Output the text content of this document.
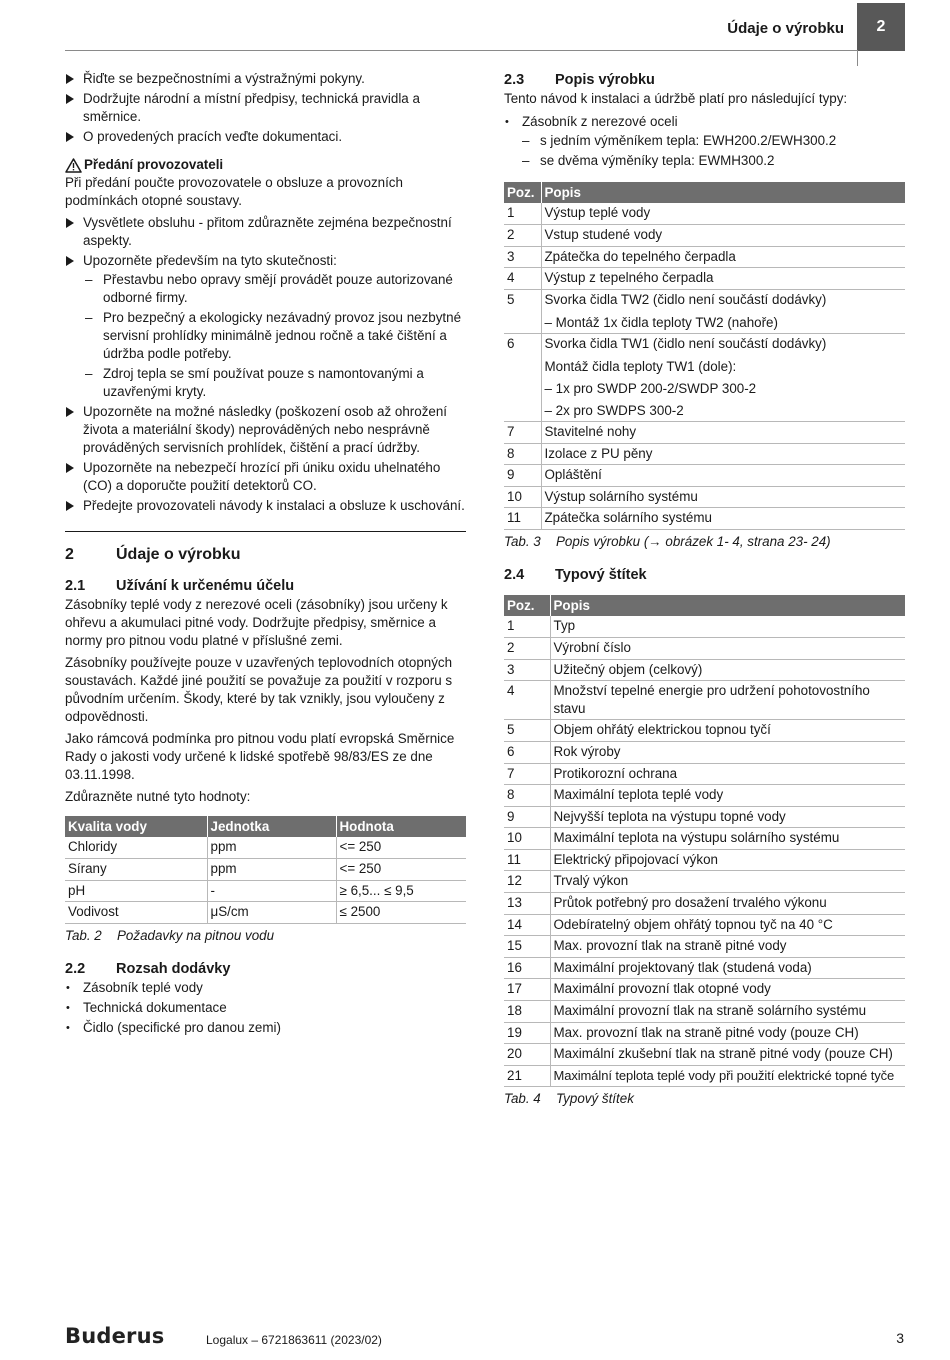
Údaje o výrobku	2
Řiďte se bezpečnostními a výstražnými pokyny.
Dodržujte národní a místní předpisy, technická pravidla a směrnice.
O provedených pracích veďte dokumentaci.
Předání provozovateli

Při předání poučte provozovatele o obsluze a provozních podmínkách otopné soustavy.

Vysvětlete obsluhu - přitom zdůrazněte zejména bezpečnostní aspekty.
Upozorněte především na tyto skutečnosti:
– Přestavbu nebo opravy smějí provádět pouze autorizované odborné firmy.
– Pro bezpečný a ekologicky nezávadný provoz jsou nezbytné servisní prohlídky minimálně jednou ročně a také čištění a údržba podle potřeby.
– Zdroj tepla se smí používat pouze s namontovanými a uzavřenými kryty.
Upozorněte na možné následky (poškození osob až ohrožení života a materiální škody) neprováděných nebo nesprávně prováděných servisních prohlídek, čištění a prací údržby.
Upozorněte na nebezpečí hrozící při úniku oxidu uhelnatého (CO) a doporučte použití detektorů CO.
Předejte provozovateli návody k instalaci a obsluze k uschování.
2	Údaje o výrobku
2.1	Užívání k určenému účelu

Zásobníky teplé vody z nerezové oceli (zásobníky) jsou určeny k ohřevu a akumulaci pitné vody. Dodržujte předpisy, směrnice a normy pro pitnou vodu platné v příslušné zemi.

Zásobníky používejte pouze v uzavřených teplovodních otopných soustavách. Každé jiné použití se považuje za použití v rozporu s původním určením. Škody, které by tak vznikly, jsou vyloučeny z odpovědnosti.

Jako rámcová podmínka pro pitnou vodu platí evropská Směrnice Rady o jakosti vody určené k lidské spotřebě 98/83/ES ze dne 03.11.1998.

Zdůrazněte nutné tyto hodnoty:

Kvalita vody	Jednotka	Hodnota
Chloridy	ppm	<= 250
Sírany	ppm	<= 250
pH	-	≥ 6,5... ≤ 9,5
Vodivost	μS/cm	≤ 2500
Tab. 2	Požadavky na pitnou vodu
2.2	Rozsah dodávky
• Zásobník teplé vody
• Technická dokumentace
• Čidlo (specifické pro danou zemi)
2.3	Popis výrobku

Tento návod k instalaci a údržbě platí pro následující typy:

• Zásobník z nerezové oceli
– s jedním výměníkem tepla: EWH200.2/EWH300.2
– se dvěma výměníky tepla: EWMH300.2
Poz.	Popis
1	Výstup teplé vody
2	Vstup studené vody
3	Zpátečka do tepelného čerpadla
4	Výstup z tepelného čerpadla
5	Svorka čidla TW2 (čidlo není součástí dodávky)
	– Montáž 1x čidla teploty TW2 (nahoře)
6	Svorka čidla TW1 (čidlo není součástí dodávky)
	Montáž čidla teploty TW1 (dole):
	– 1x pro SWDP 200-2/SWDP 300-2
	– 2x pro SWDPS 300-2
7	Stavitelné nohy
8	Izolace z PU pěny
9	Opláštění
10	Výstup solárního systému
11	Zpátečka solárního systému
Tab. 3	Popis výrobku (→ obrázek 1- 4, strana 23- 24)
2.4	Typový štítek
Poz.	Popis
1	Typ
2	Výrobní číslo
3	Užitečný objem (celkový)
4	Množství tepelné energie pro udržení pohotovostního stavu
5	Objem ohřátý elektrickou topnou tyčí
6	Rok výroby
7	Protikorozní ochrana
8	Maximální teplota teplé vody
9	Nejvyšší teplota na výstupu topné vody
10	Maximální teplota na výstupu solárního systému
11	Elektrický připojovací výkon
12	Trvalý výkon
13	Průtok potřebný pro dosažení trvalého výkonu
14	Odebíratelný objem ohřátý topnou tyč na 40 °C
15	Max. provozní tlak na straně pitné vody
16	Maximální projektovaný tlak (studená voda)
17	Maximální provozní tlak otopné vody
18	Maximální provozní tlak na straně solárního systému
19	Max. provozní tlak na straně pitné vody (pouze CH)
20	Maximální zkušební tlak na straně pitné vody (pouze CH)
21	Maximální teplota teplé vody při použití elektrické topné tyče
Tab. 4	Typový štítek
Buderus	Logalux – 6721863611 (2023/02)	3
